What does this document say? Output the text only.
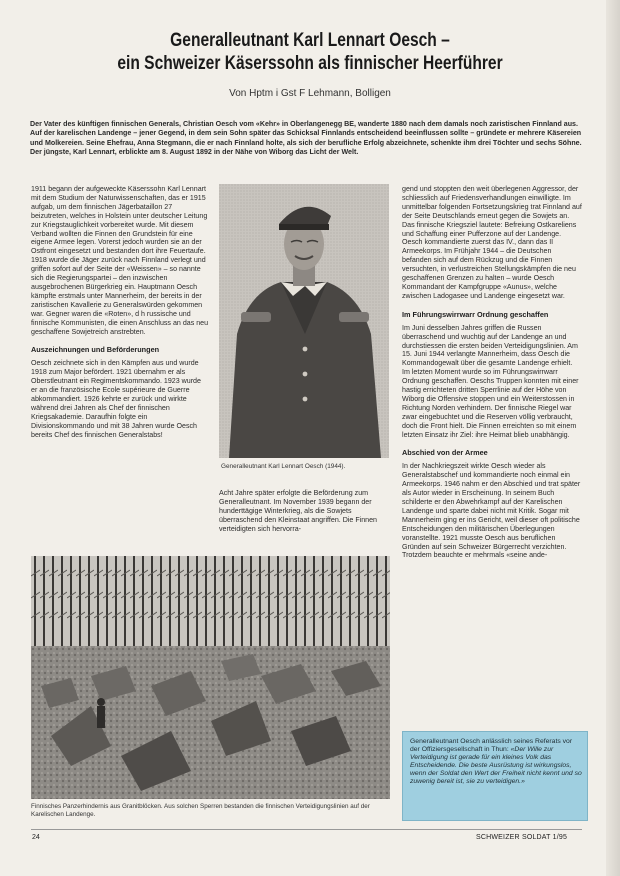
Generalleutnant Karl Lennart Oesch –
ein Schweizer Käserssohn als finnischer Heerführer
Von Hptm i Gst F Lehmann, Bolligen
Der Vater des künftigen finnischen Generals, Christian Oesch vom «Kehr» in Oberlangenegg BE, wanderte 1880 nach dem damals noch zaristischen Finnland aus. Auf der karelischen Landenge – jener Gegend, in dem sein Sohn später das Schicksal Finnlands entscheidend beeinflussen sollte – gründete er mehrere Käsereien und Molkereien. Seine Ehefrau, Anna Stegmann, die er nach Finnland holte, als sich der berufliche Erfolg abzeichnete, schenkte ihm drei Töchter und sechs Söhne. Der jüngste, Karl Lennart, erblickte am 8. August 1892 in der Nähe von Wiborg das Licht der Welt.

1911 begann der aufgeweckte Käserssohn Karl Lennart mit dem Studium der Naturwissenschaften, das er 1915 aufgab, um dem finnischen Jägerbataillon 27 beizutreten, welches in Holstein unter deutscher Leitung zur Kriegstauglichkeit vorbereitet wurde. Mit diesem Verband wollten die Finnen den Grundstein für eine eigene Armee legen. Vorerst jedoch wurden sie an der Ostfront eingesetzt und bestanden dort ihre Feuertaufe. 1918 wurde die Jäger zurück nach Finnland verlegt und griffen sofort auf der Seite der «Weissen» – so nannte sich die Regierungspartei – den inzwischen ausgebrochenen Bürgerkrieg ein. Hauptmann Oesch kämpfte erstmals unter Mannerheim, der bereits in der zaristischen Kavallerie zu Generalswürden gekommen war. Gegner waren die «Roten», d h russische und finnische Kommunisten, die einen Anschluss an das neu geschaffene Sowjetreich anstrebten.

Auszeichnungen und Beförderungen

Oesch zeichnete sich in den Kämpfen aus und wurde 1918 zum Major befördert. 1921 übernahm er als Oberstleutnant ein Regimentskommando. 1923 wurde er an die französische Ecole supérieure de Guerre abkommandiert. 1926 kehrte er zurück und wirkte während drei Jahren als Chef der finnischen Kriegsakademie. Daraufhin folgte ein Divisionskommando und mit 38 Jahren wurde Oesch bereits Chef des finnischen Generalstabs!

Generalleutnant Karl Lennart Oesch (1944).

Acht Jahre später erfolgte die Beförderung zum Generalleutnant. Im November 1939 begann der hunderttägige Winterkrieg, als die Sowjets überraschend den Kleinstaat angriffen. Die Finnen verteidigten sich hervorra-

gend und stoppten den weit überlegenen Aggressor, der schliesslich auf Friedensverhandlungen einwilligte. Im unmittelbar folgenden Fortsetzungskrieg trat Finnland auf der Seite Deutschlands erneut gegen die Sowjets an. Das finnische Kriegsziel lautete: Befreiung Ostkareliens und Schaffung einer Pufferzone auf der Landenge. Oesch kommandierte zuerst das IV., dann das II Armeekorps. Im Frühjahr 1944 – die Deutschen befanden sich auf dem Rückzug und die Finnen versuchten, in verlustreichen Stellungskämpfen die neu geschaffenen Grenzen zu halten – wurde Oesch Kommandant der Kampfgruppe «Aunus», welche zwischen Ladogasee und Landenge eingesetzt war.

Im Führungswirrwarr Ordnung geschaffen

Im Juni desselben Jahres griffen die Russen überraschend und wuchtig auf der Landenge an und durchstiessen die ersten beiden Verteidigungslinien. Am 15. Juni 1944 verlangte Mannerheim, dass Oesch die Kommandogewalt über die gesamte Landenge erhielt. Im letzten Moment wurde so im Führungswirrwarr Ordnung geschaffen. Oeschs Truppen konnten mit einer hastig errichteten dritten Sperrlinie auf der Höhe von Wiborg die Offensive stoppen und ein Weiterstossen in Richtung Norden verhindern. Der finnische Riegel war zwar eingebuchtet und die Reserven völlig verbraucht, doch die Front hielt. Die Finnen erreichten so mit einem letzten Einsatz ihr Ziel: ihre Heimat blieb unabhängig.

Abschied von der Armee

In der Nachkriegszeit wirkte Oesch wieder als Generalstabschef und kommandierte noch einmal ein Armeekorps. 1946 nahm er den Abschied und trat später als Autor wieder in Erscheinung. In seinem Buch schilderte er den Abwehrkampf auf der Karelischen Landenge und sparte dabei nicht mit Kritik. Sogar mit Mannerheim ging er ins Gericht, weil dieser oft politische Entscheidungen den militärischen Überlegungen voranstellte. 1921 musste Oesch aus beruflichen Gründen auf sein Schweizer Bürgerrecht verzichten. Trotzdem beauchte er mehrmals «seine ande-

Finnisches Panzerhindernis aus Granitblöcken. Aus solchen Sperren bestanden die finnischen Verteidigungslinien auf der Karelischen Landenge.
Generalleutnant Oesch anlässlich seines Referats vor der Offiziersgesellschaft in Thun: «Der Wille zur Verteidigung ist gerade für ein kleines Volk das Entscheidende. Die beste Ausrüstung ist wirkungslos, wenn der Soldat den Wert der Freiheit nicht kennt und so zuwenig bereit ist, sie zu verteidigen.»
24	SCHWEIZER SOLDAT 1/95
